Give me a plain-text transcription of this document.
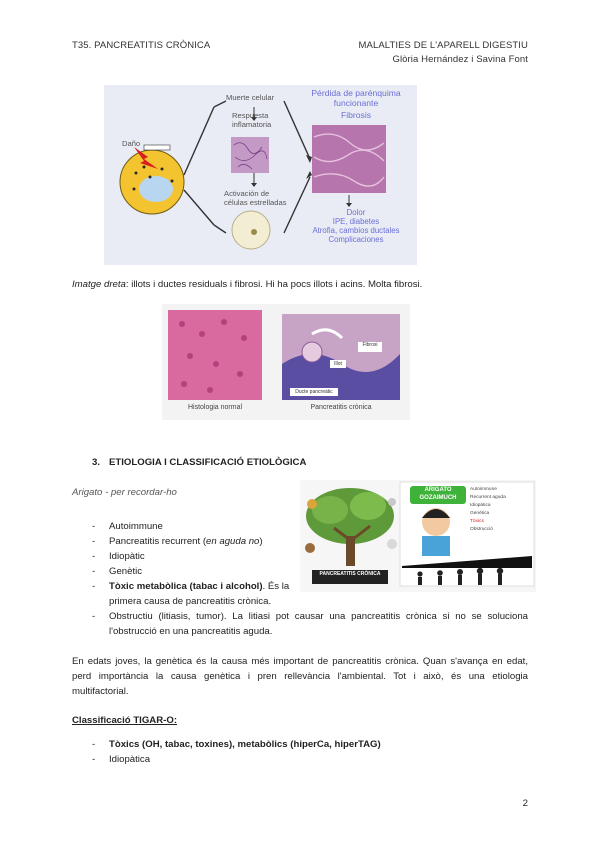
T35. PANCREATITIS CRÒNICA	MALALTIES DE L'APARELL DIGESTIU
Glòria Hernández i Savina Font
Daño
Muerte celular
Respuesta inflamatoria
Activación de células estrelladas
Pérdida de parénquima funcionante
Fibrosis
Dolor
IPE, diabetes
Atrofia, cambios ductales
Complicaciones
Imatge dreta: illots i ductes residuals i fibrosi. Hi ha pocs illots i acins. Molta fibrosi.
Fibrosi
Illot
Ducte pancreàtic
Histologia normal	Pancreatitis crònica
3. ETIOLOGIA I CLASSIFICACIÓ ETIOLÒGICA
Arigato - per recordar-ho
PANCREATITIS CRÒNICA
ARIGATO
GOZAIMUCH
Autoimmune
Recurrent aguda
Idiopàtica
Genètica
Tòxics
Obstrucció
-	Autoimmune
-	Pancreatitis recurrent (en aguda no)
-	Idiopàtic
-	Genètic
-	Tòxic metabòlica (tabac i alcohol). És la
primera causa de pancreatitis crònica.
-	Obstructiu (litiasis, tumor). La litiasi pot causar una pancreatitis crònica si no se soluciona
l'obstrucció en una pancreatitis aguda.
En edats joves, la genètica és la causa més important de pancreatitis crònica. Quan s'avança en edat,
perd importància la causa genètica i pren rellevància l'ambiental. Tot i això, és una etiologia
multifactorial.
Classificació TIGAR-O:
-	Tòxics (OH, tabac, toxines), metabòlics (hiperCa, hiperTAG)
-	Idiopàtica
2
